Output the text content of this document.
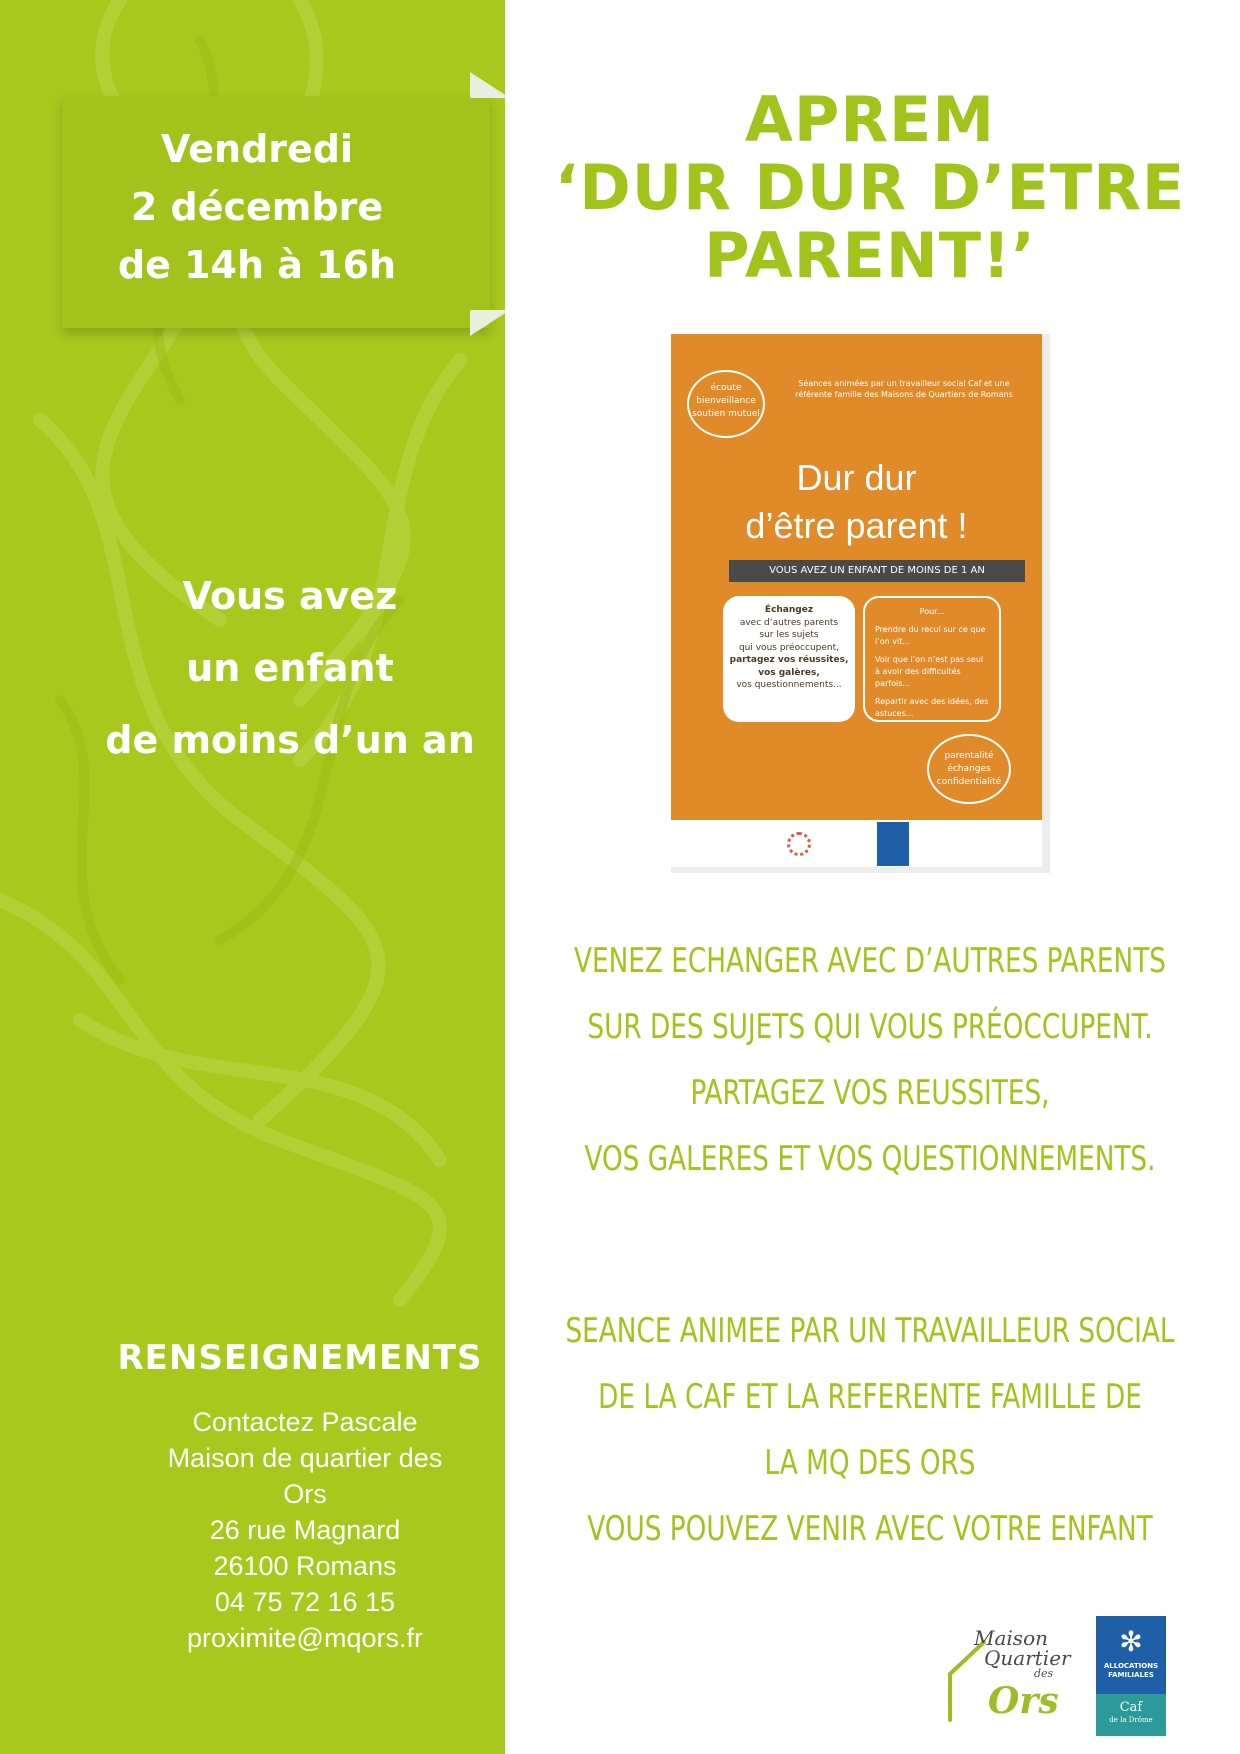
Vendredi
2 décembre
de 14h à 16h
Vous avez
un enfant
de moins d’un an
RENSEIGNEMENTS
Contactez Pascale
Maison de quartier des
Ors
26 rue Magnard
26100 Romans
04 75 72 16 15
proximite@mqors.fr
APREM
‘DUR DUR D’ETRE
PARENT!’
écoute
bienveillance
soutien mutuel
Séances animées par un travailleur social Caf et une référente famille des Maisons de Quartiers de Romans
Dur dur
d’être parent !
VOUS AVEZ UN ENFANT DE MOINS DE 1 AN
Échangez
avec d’autres parents
sur les sujets
qui vous préoccupent,
partagez vos réussites,
vos galères,
vos questionnements...
Pour...
Prendre du recul sur ce que l’on vit...
Voir que l’on n’est pas seul à avoir des difficultés parfois...
Repartir avec des idées, des astuces...
parentalité
échanges
confidentialité
VENEZ ECHANGER AVEC D’AUTRES PARENTS
SUR DES SUJETS QUI VOUS PRÉOCCUPENT.
PARTAGEZ VOS REUSSITES,
VOS GALERES ET VOS QUESTIONNEMENTS.
SEANCE ANIMEE PAR UN TRAVAILLEUR SOCIAL
DE LA CAF ET LA REFERENTE FAMILLE DE
LA MQ DES ORS
VOUS POUVEZ VENIR AVEC VOTRE ENFANT
Maison
Quartier
des
Ors
✻
ALLOCATIONS
FAMILIALES
Caf
de la Drôme
